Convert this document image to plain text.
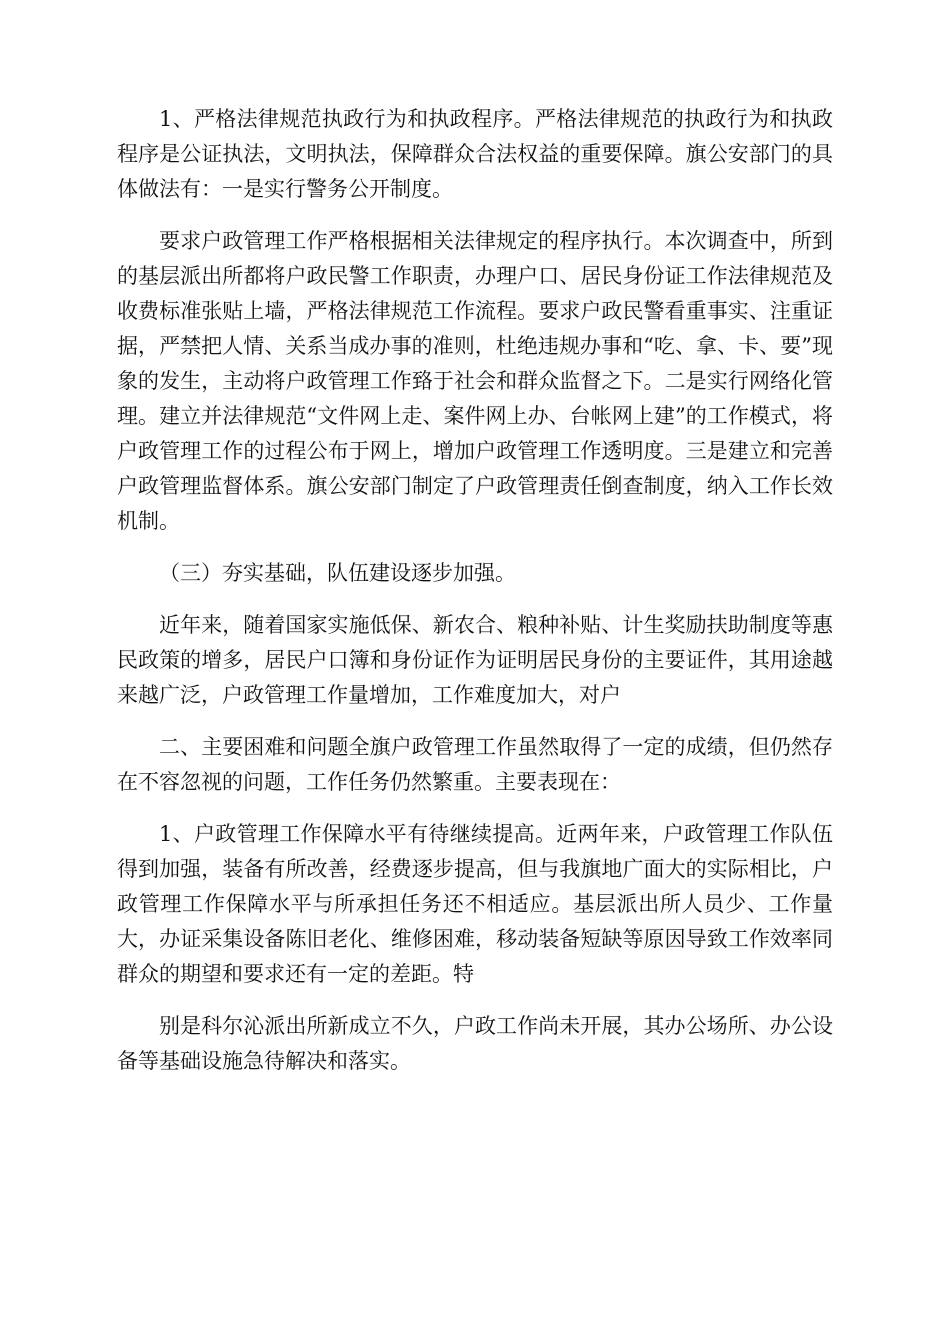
1、严格法律规范执政行为和执政程序。严格法律规范的执政行为和执政程序是公证执法，文明执法，保障群众合法权益的重要保障。旗公安部门的具体做法有：一是实行警务公开制度。

要求户政管理工作严格根据相关法律规定的程序执行。本次调查中，所到的基层派出所都将户政民警工作职责，办理户口、居民身份证工作法律规范及收费标准张贴上墙，严格法律规范工作流程。要求户政民警看重事实、注重证据，严禁把人情、关系当成办事的准则，杜绝违规办事和“吃、拿、卡、要”现象的发生，主动将户政管理工作臵于社会和群众监督之下。二是实行网络化管理。建立并法律规范“文件网上走、案件网上办、台帐网上建”的工作模式，将户政管理工作的过程公布于网上，增加户政管理工作透明度。三是建立和完善户政管理监督体系。旗公安部门制定了户政管理责任倒查制度，纳入工作长效机制。

（三）夯实基础，队伍建设逐步加强。

近年来，随着国家实施低保、新农合、粮种补贴、计生奖励扶助制度等惠民政策的增多，居民户口簿和身份证作为证明居民身份的主要证件，其用途越来越广泛，户政管理工作量增加，工作难度加大，对户

二、主要困难和问题全旗户政管理工作虽然取得了一定的成绩，但仍然存在不容忽视的问题，工作任务仍然繁重。主要表现在：

1、户政管理工作保障水平有待继续提高。近两年来，户政管理工作队伍得到加强，装备有所改善，经费逐步提高，但与我旗地广面大的实际相比，户政管理工作保障水平与所承担任务还不相适应。基层派出所人员少、工作量大，办证采集设备陈旧老化、维修困难，移动装备短缺等原因导致工作效率同群众的期望和要求还有一定的差距。特

别是科尔沁派出所新成立不久，户政工作尚未开展，其办公场所、办公设备等基础设施急待解决和落实。
